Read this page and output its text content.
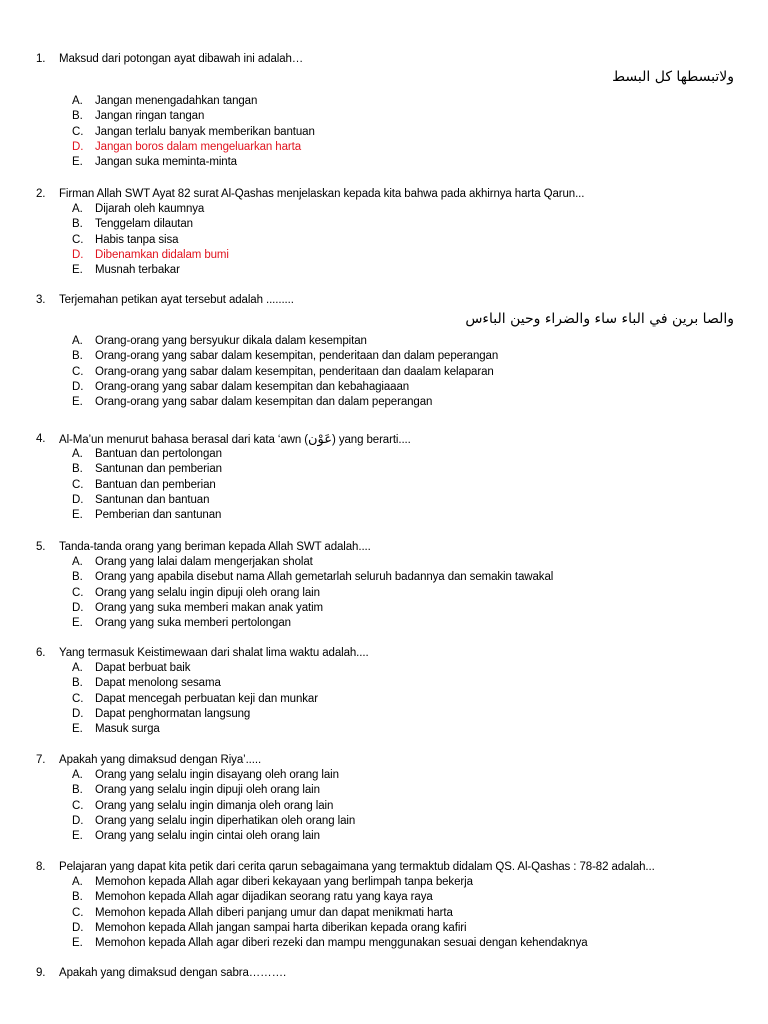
1. Maksud dari potongan ayat dibawah ini adalah…
ولاتبسطها كل البسط
A. Jangan menengadahkan tangan
B. Jangan ringan tangan
C. Jangan terlalu banyak memberikan bantuan
D. Jangan boros dalam mengeluarkan harta
E. Jangan suka meminta-minta
2. Firman Allah SWT Ayat 82 surat Al-Qashas menjelaskan kepada kita bahwa pada akhirnya harta Qarun...
A. Dijarah oleh kaumnya
B. Tenggelam dilautan
C. Habis tanpa sisa
D. Dibenamkan didalam bumi
E. Musnah terbakar
3. Terjemahan petikan ayat tersebut adalah .........
والصا برين في الباء ساء والضراء وحين الباءس
A. Orang-orang yang bersyukur dikala dalam kesempitan
B. Orang-orang yang sabar dalam kesempitan, penderitaan dan dalam peperangan
C. Orang-orang yang sabar dalam kesempitan, penderitaan dan daalam kelaparan
D. Orang-orang yang sabar dalam kesempitan dan kebahagiaaan
E. Orang-orang yang sabar dalam kesempitan dan dalam peperangan
4. Al-Ma’un menurut bahasa berasal dari kata ‘awn (عَوْن) yang berarti....
A. Bantuan dan pertolongan
B. Santunan dan pemberian
C. Bantuan dan pemberian
D. Santunan dan bantuan
E. Pemberian dan santunan
5. Tanda-tanda orang yang beriman kepada Allah SWT adalah....
A. Orang yang lalai dalam mengerjakan sholat
B. Orang yang apabila disebut nama Allah gemetarlah seluruh badannya dan semakin tawakal
C. Orang yang selalu ingin dipuji oleh orang lain
D. Orang yang suka memberi makan anak yatim
E. Orang yang suka memberi pertolongan
6. Yang termasuk Keistimewaan dari shalat lima waktu adalah....
A. Dapat berbuat baik
B. Dapat menolong sesama
C. Dapat mencegah perbuatan keji dan munkar
D. Dapat penghormatan langsung
E. Masuk surga
7. Apakah yang dimaksud dengan Riya’.....
A. Orang yang selalu ingin disayang oleh orang lain
B. Orang yang selalu ingin dipuji oleh orang lain
C. Orang yang selalu ingin dimanja oleh orang lain
D. Orang yang selalu ingin diperhatikan oleh orang lain
E. Orang yang selalu ingin cintai oleh orang lain
8. Pelajaran yang dapat kita petik dari cerita qarun sebagaimana yang termaktub didalam QS. Al-Qashas : 78-82 adalah...
A. Memohon kepada Allah agar diberi kekayaan yang berlimpah tanpa bekerja
B. Memohon kepada Allah agar dijadikan seorang ratu yang kaya raya
C. Memohon kepada Allah diberi panjang umur dan dapat menikmati harta
D. Memohon kepada Allah jangan sampai harta diberikan kepada orang kafiri
E. Memohon kepada Allah agar diberi rezeki dan mampu menggunakan sesuai dengan kehendaknya
9. Apakah yang dimaksud dengan sabra……….
